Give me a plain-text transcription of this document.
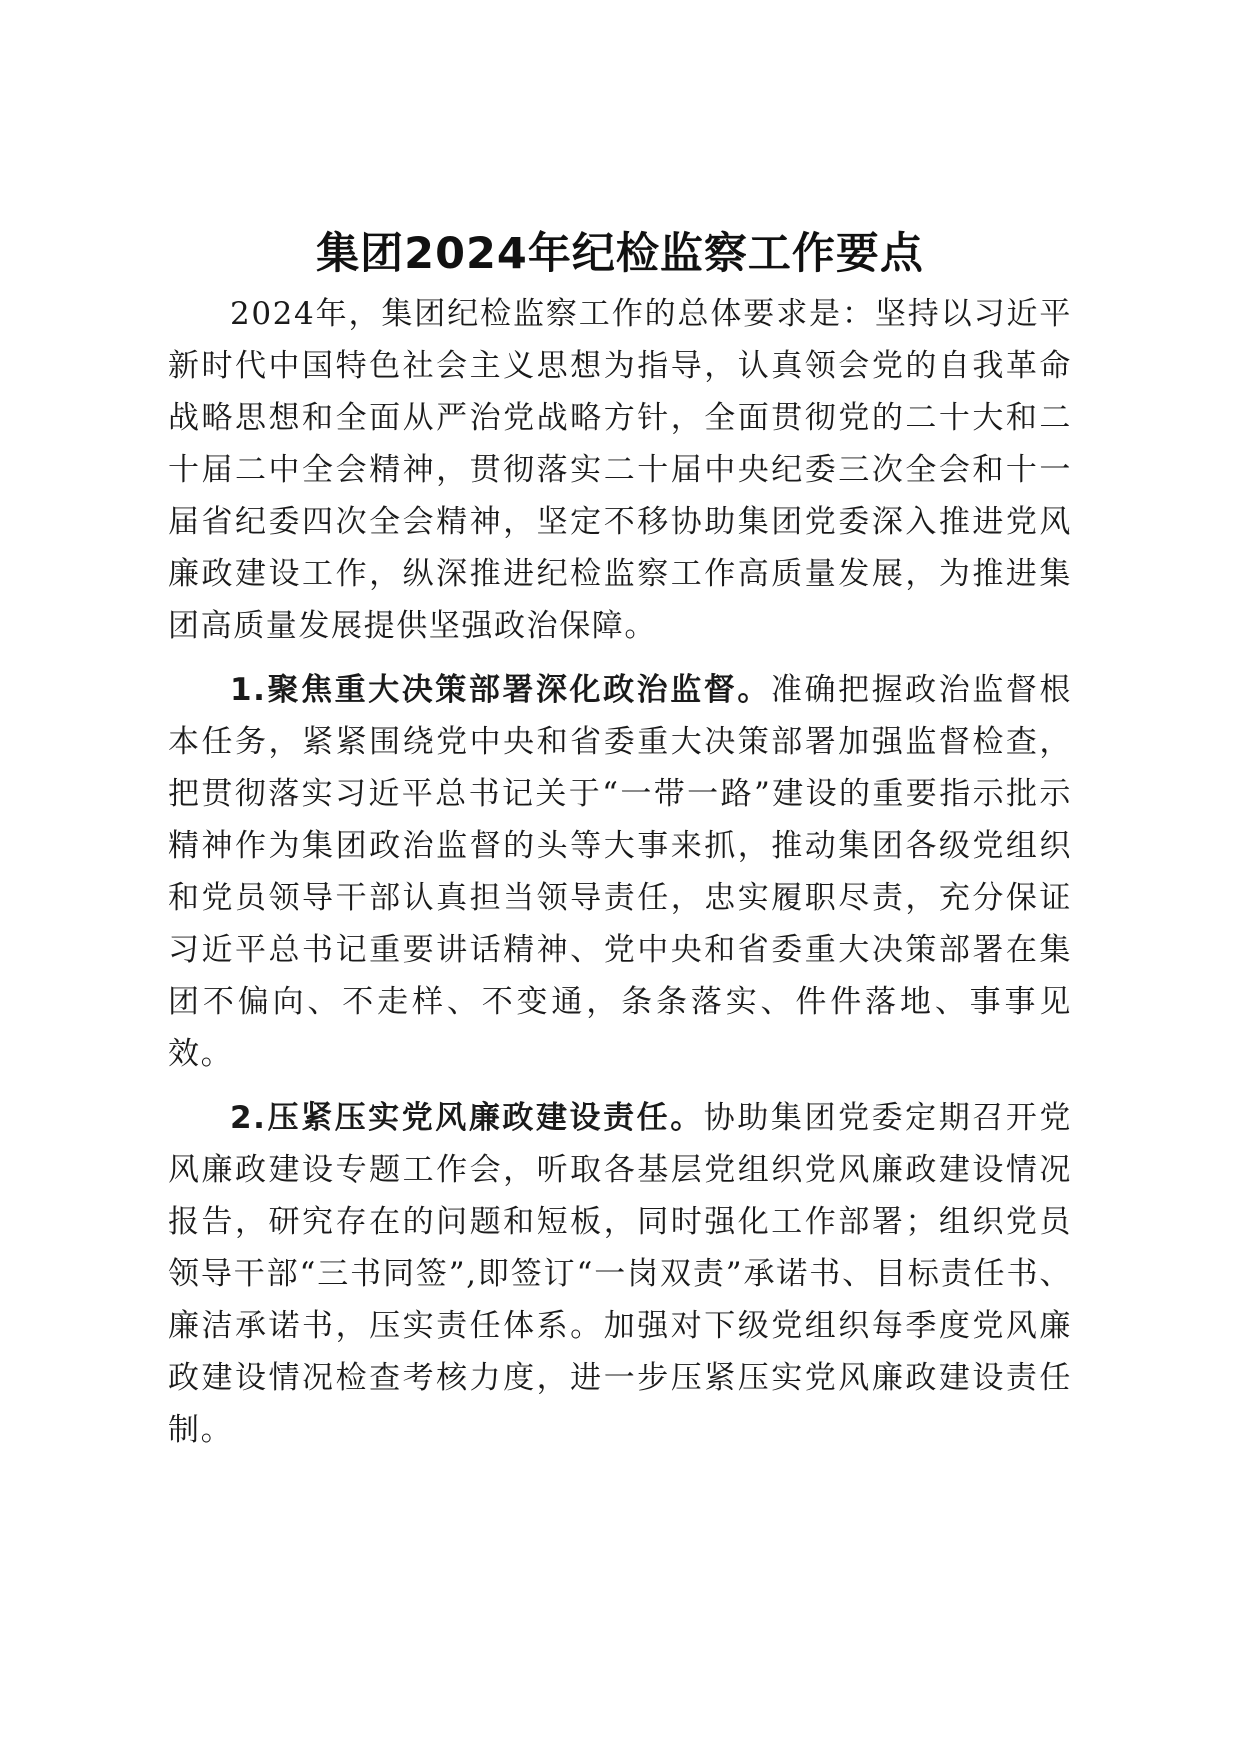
集团2024年纪检监察工作要点

2024年，集团纪检监察工作的总体要求是：坚持以习近平新时代中国特色社会主义思想为指导，认真领会党的自我革命战略思想和全面从严治党战略方针，全面贯彻党的二十大和二十届二中全会精神，贯彻落实二十届中央纪委三次全会和十一届省纪委四次全会精神，坚定不移协助集团党委深入推进党风廉政建设工作，纵深推进纪检监察工作高质量发展，为推进集团高质量发展提供坚强政治保障。

1.聚焦重大决策部署深化政治监督。准确把握政治监督根本任务，紧紧围绕党中央和省委重大决策部署加强监督检查，把贯彻落实习近平总书记关于“一带一路”建设的重要指示批示精神作为集团政治监督的头等大事来抓，推动集团各级党组织和党员领导干部认真担当领导责任，忠实履职尽责，充分保证习近平总书记重要讲话精神、党中央和省委重大决策部署在集团不偏向、不走样、不变通，条条落实、件件落地、事事见效。

2.压紧压实党风廉政建设责任。协助集团党委定期召开党风廉政建设专题工作会，听取各基层党组织党风廉政建设情况报告，研究存在的问题和短板，同时强化工作部署；组织党员领导干部“三书同签”,即签订“一岗双责”承诺书、目标责任书、廉洁承诺书，压实责任体系。加强对下级党组织每季度党风廉政建设情况检查考核力度，进一步压紧压实党风廉政建设责任制。
